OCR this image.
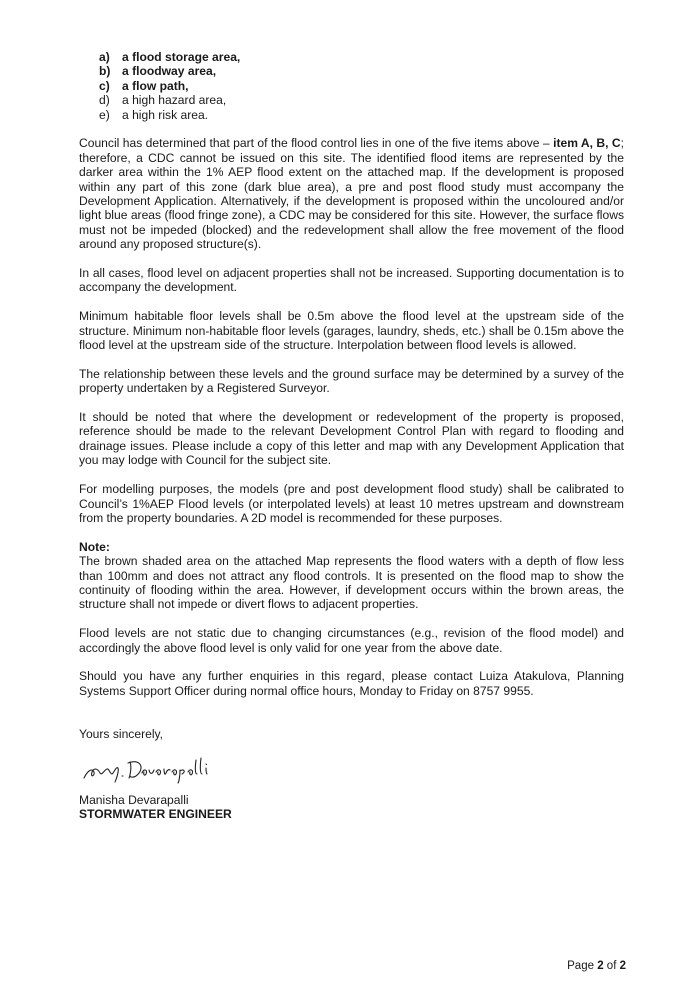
a)	a flood storage area,
b) a floodway area,
c)	a flow path,
d)	a high hazard area,
e)	a high risk area.

Council has determined that part of the flood control lies in one of the five items above – item A, B, C; therefore, a CDC cannot be issued on this site. The identified flood items are represented by the darker area within the 1% AEP flood extent on the attached map. If the development is proposed within any part of this zone (dark blue area), a pre and post flood study must accompany the Development Application. Alternatively, if the development is proposed within the uncoloured and/or light blue areas (flood fringe zone), a CDC may be considered for this site. However, the surface flows must not be impeded (blocked) and the redevelopment shall allow the free movement of the flood around any proposed structure(s).

In all cases, flood level on adjacent properties shall not be increased. Supporting documentation is to accompany the development.

Minimum habitable floor levels shall be 0.5m above the flood level at the upstream side of the structure. Minimum non-habitable floor levels (garages, laundry, sheds, etc.) shall be 0.15m above the flood level at the upstream side of the structure. Interpolation between flood levels is allowed.

The relationship between these levels and the ground surface may be determined by a survey of the property undertaken by a Registered Surveyor.

It should be noted that where the development or redevelopment of the property is proposed, reference should be made to the relevant Development Control Plan with regard to flooding and drainage issues. Please include a copy of this letter and map with any Development Application that you may lodge with Council for the subject site.

For modelling purposes, the models (pre and post development flood study) shall be calibrated to Council’s 1%AEP Flood levels (or interpolated levels) at least 10 metres upstream and downstream from the property boundaries. A 2D model is recommended for these purposes.

Note:

The brown shaded area on the attached Map represents the flood waters with a depth of flow less than 100mm and does not attract any flood controls. It is presented on the flood map to show the continuity of flooding within the area. However, if development occurs within the brown areas, the structure shall not impede or divert flows to adjacent properties.

Flood levels are not static due to changing circumstances (e.g., revision of the flood model) and accordingly the above flood level is only valid for one year from the above date.

Should you have any further enquiries in this regard, please contact Luiza Atakulova, Planning Systems Support Officer during normal office hours, Monday to Friday on 8757 9955.

Yours sincerely,

Manisha Devarapalli
STORMWATER ENGINEER
Page 2 of 2
